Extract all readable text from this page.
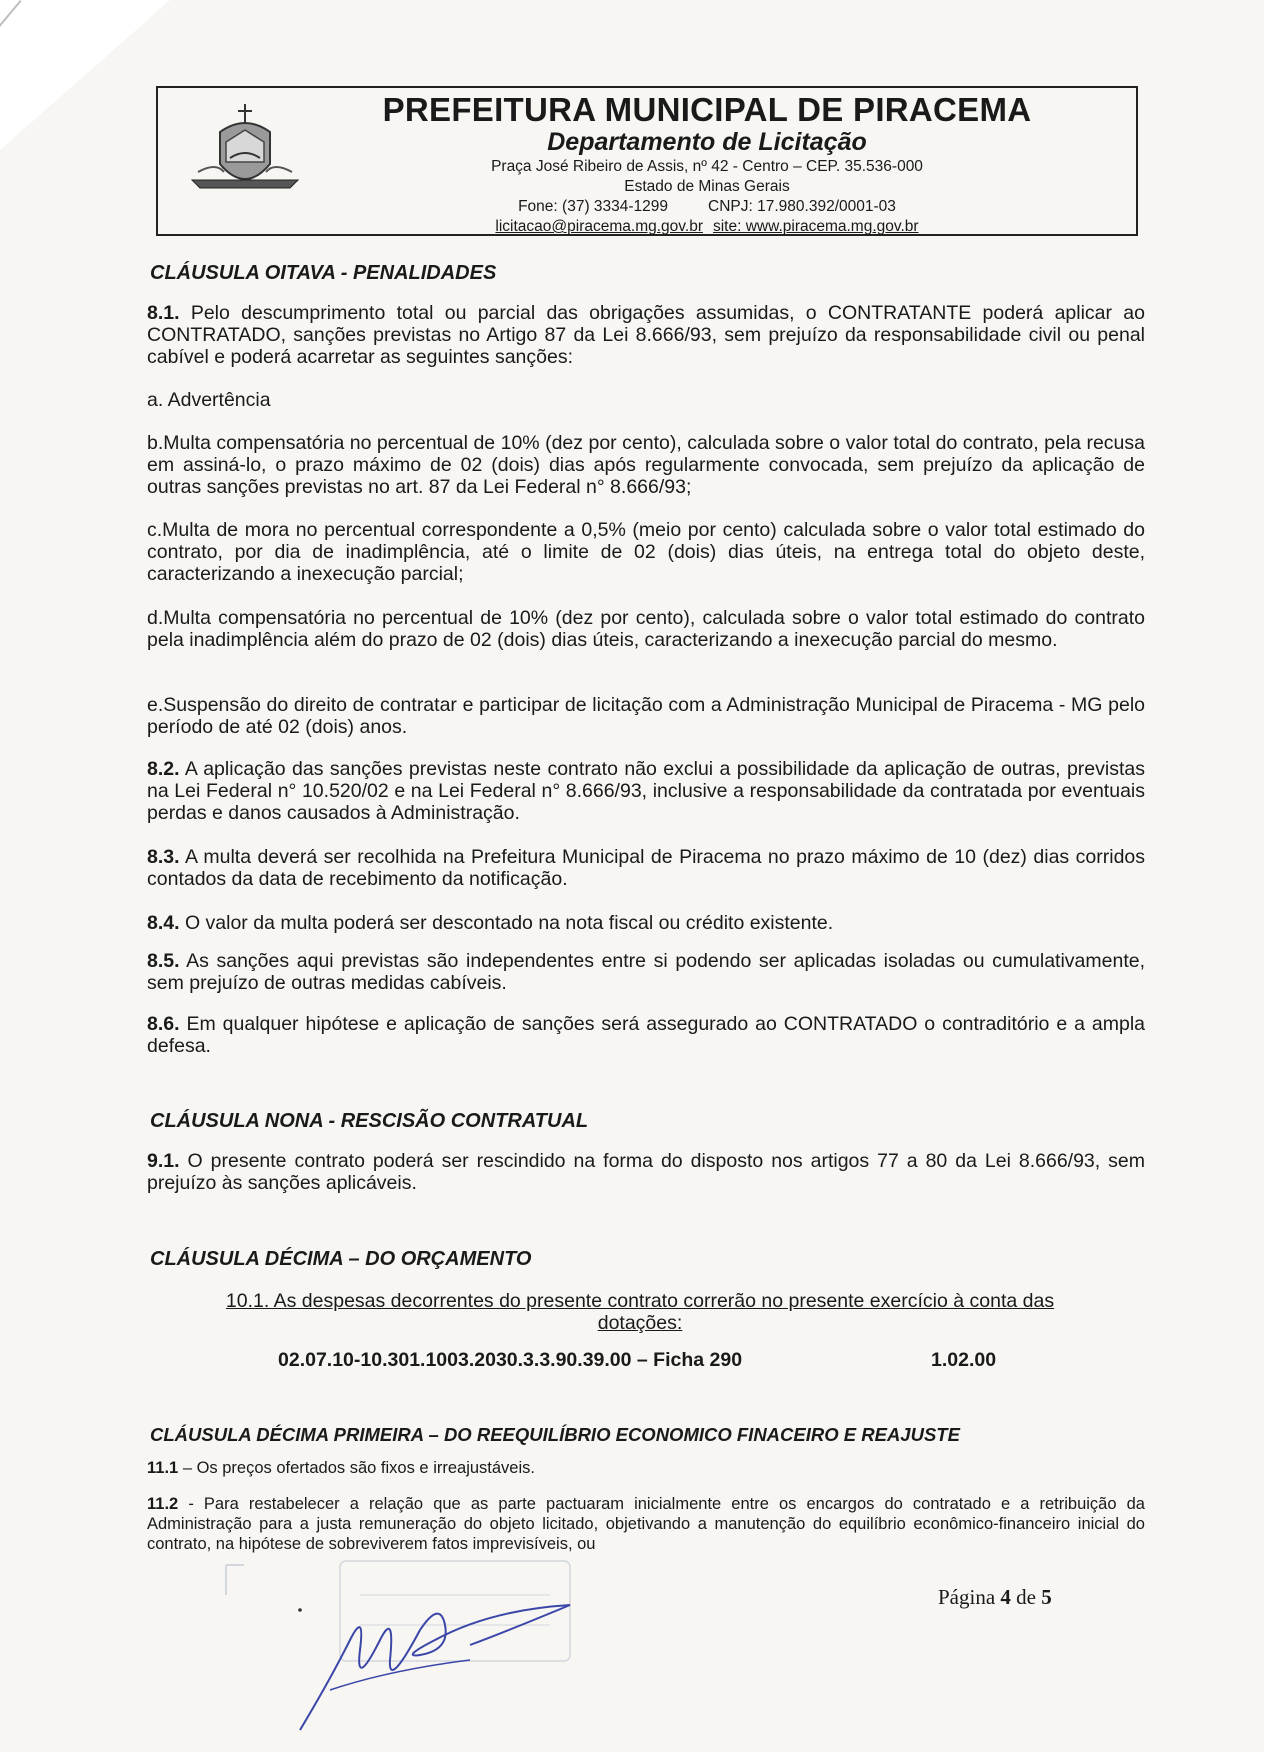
PREFEITURA MUNICIPAL DE PIRACEMA
Departamento de Licitação
Praça José Ribeiro de Assis, nº 42 - Centro – CEP. 35.536-000
Estado de Minas Gerais
Fone: (37) 3334-1299	CNPJ: 17.980.392/0001-03
licitacao@piracema.mg.gov.br site: www.piracema.mg.gov.br
CLÁUSULA OITAVA - PENALIDADES
8.1. Pelo descumprimento total ou parcial das obrigações assumidas, o CONTRATANTE poderá aplicar ao CONTRATADO, sanções previstas no Artigo 87 da Lei 8.666/93, sem prejuízo da responsabilidade civil ou penal cabível e poderá acarretar as seguintes sanções:
a. Advertência
b.Multa compensatória no percentual de 10% (dez por cento), calculada sobre o valor total do contrato, pela recusa em assiná-lo, o prazo máximo de 02 (dois) dias após regularmente convocada, sem prejuízo da aplicação de outras sanções previstas no art. 87 da Lei Federal n° 8.666/93;
c.Multa de mora no percentual correspondente a 0,5% (meio por cento) calculada sobre o valor total estimado do contrato, por dia de inadimplência, até o limite de 02 (dois) dias úteis, na entrega total do objeto deste, caracterizando a inexecução parcial;
d.Multa compensatória no percentual de 10% (dez por cento), calculada sobre o valor total estimado do contrato pela inadimplência além do prazo de 02 (dois) dias úteis, caracterizando a inexecução parcial do mesmo.
e.Suspensão do direito de contratar e participar de licitação com a Administração Municipal de Piracema - MG pelo período de até 02 (dois) anos.
8.2. A aplicação das sanções previstas neste contrato não exclui a possibilidade da aplicação de outras, previstas na Lei Federal n° 10.520/02 e na Lei Federal n° 8.666/93, inclusive a responsabilidade da contratada por eventuais perdas e danos causados à Administração.
8.3. A multa deverá ser recolhida na Prefeitura Municipal de Piracema no prazo máximo de 10 (dez) dias corridos contados da data de recebimento da notificação.
8.4. O valor da multa poderá ser descontado na nota fiscal ou crédito existente.
8.5. As sanções aqui previstas são independentes entre si podendo ser aplicadas isoladas ou cumulativamente, sem prejuízo de outras medidas cabíveis.
8.6. Em qualquer hipótese e aplicação de sanções será assegurado ao CONTRATADO o contraditório e a ampla defesa.
CLÁUSULA NONA - RESCISÃO CONTRATUAL
9.1. O presente contrato poderá ser rescindido na forma do disposto nos artigos 77 a 80 da Lei 8.666/93, sem prejuízo às sanções aplicáveis.
CLÁUSULA DÉCIMA – DO ORÇAMENTO
10.1. As despesas decorrentes do presente contrato correrão no presente exercício à conta das
dotações:
02.07.10-10.301.1003.2030.3.3.90.39.00 – Ficha 290	1.02.00
CLÁUSULA DÉCIMA PRIMEIRA – DO REEQUILÍBRIO ECONOMICO FINACEIRO E REAJUSTE
11.1 – Os preços ofertados são fixos e irreajustáveis.
11.2 - Para restabelecer a relação que as parte pactuaram inicialmente entre os encargos do contratado e a retribuição da Administração para a justa remuneração do objeto licitado, objetivando a manutenção do equilíbrio econômico-financeiro inicial do contrato, na hipótese de sobreviverem fatos imprevisíveis, ou
Página 4 de 5
